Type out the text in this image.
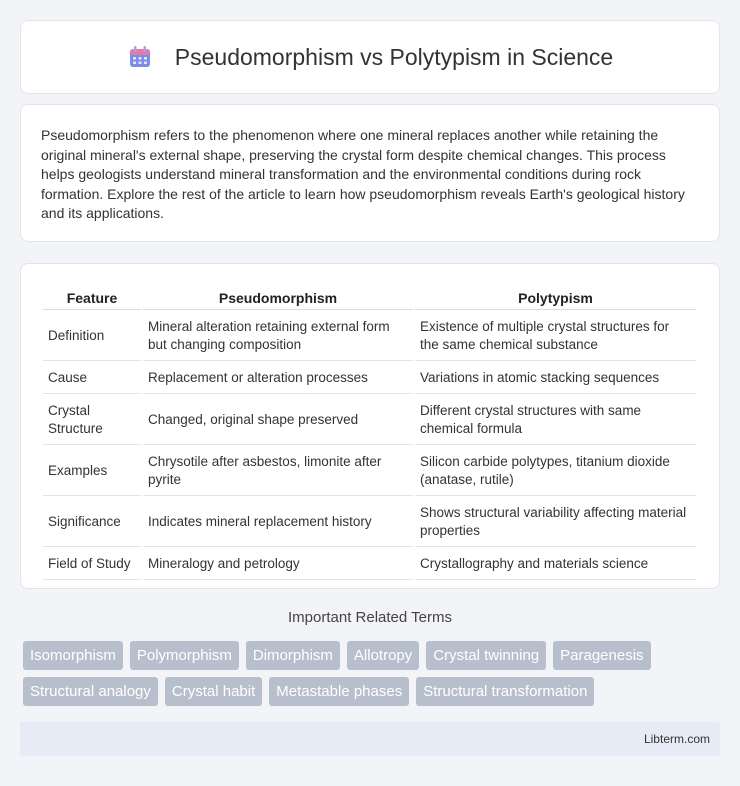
Pseudomorphism vs Polytypism in Science

Pseudomorphism refers to the phenomenon where one mineral replaces another while retaining the original mineral's external shape, preserving the crystal form despite chemical changes. This process helps geologists understand mineral transformation and the environmental conditions during rock formation. Explore the rest of the article to learn how pseudomorphism reveals Earth's geological history and its applications.

Feature	Pseudomorphism	Polytypism
Definition	Mineral alteration retaining external form but changing composition	Existence of multiple crystal structures for the same chemical substance
Cause	Replacement or alteration processes	Variations in atomic stacking sequences
Crystal Structure	Changed, original shape preserved	Different crystal structures with same chemical formula
Examples	Chrysotile after asbestos, limonite after pyrite	Silicon carbide polytypes, titanium dioxide (anatase, rutile)
Significance	Indicates mineral replacement history	Shows structural variability affecting material properties
Field of Study	Mineralogy and petrology	Crystallography and materials science
Important Related Terms
Isomorphism	Polymorphism	Dimorphism	Allotropy	Crystal twinning	Paragenesis
Structural analogy	Crystal habit	Metastable phases	Structural transformation
Libterm.com
